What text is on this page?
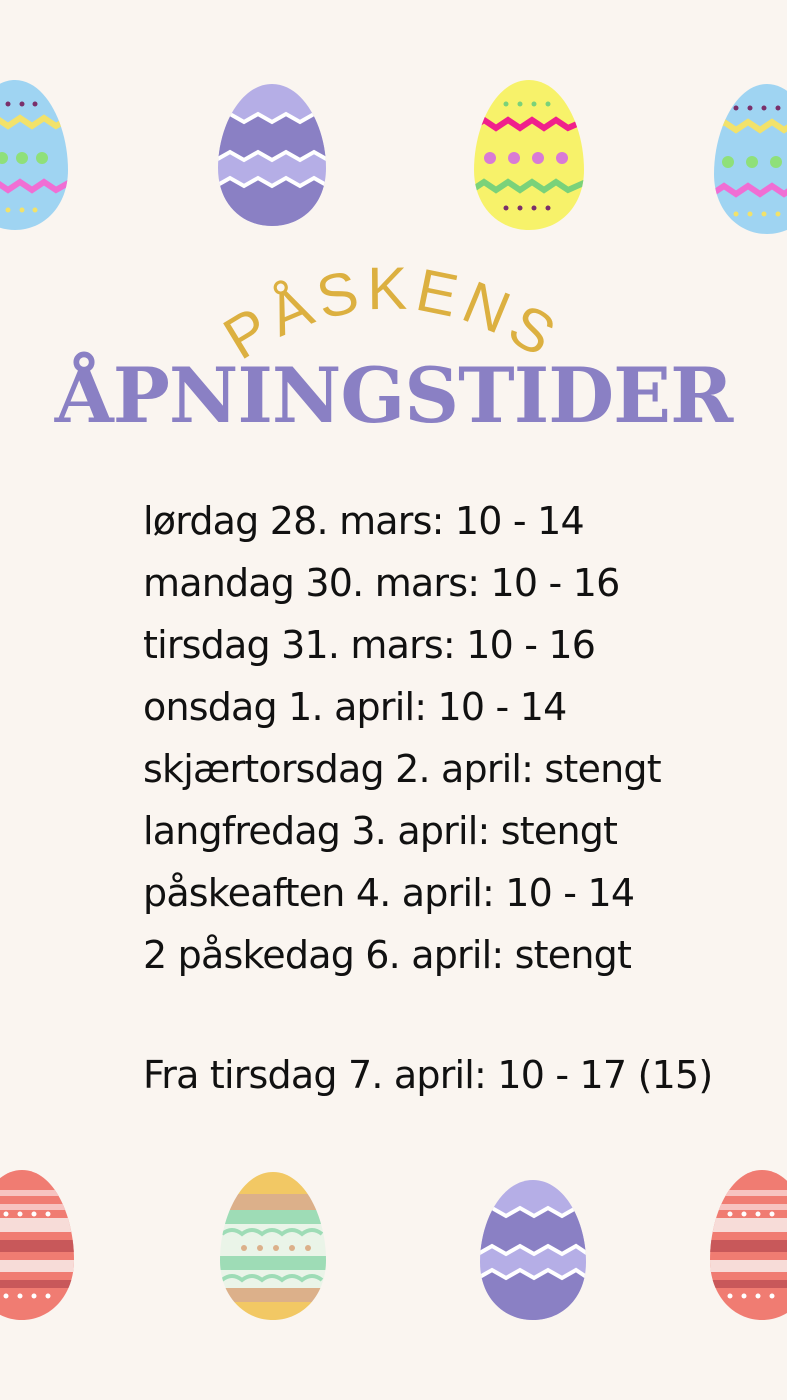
PÅSKENS
ÅPNINGSTIDER
lørdag 28. mars: 10 - 14
mandag 30. mars: 10 - 16
tirsdag 31. mars: 10 - 16
onsdag 1. april: 10 - 14
skjærtorsdag 2. april: stengt
langfredag 3. april: stengt
påskeaften 4. april: 10 - 14
2 påskedag 6. april: stengt
Fra tirsdag 7. april: 10 - 17 (15)
